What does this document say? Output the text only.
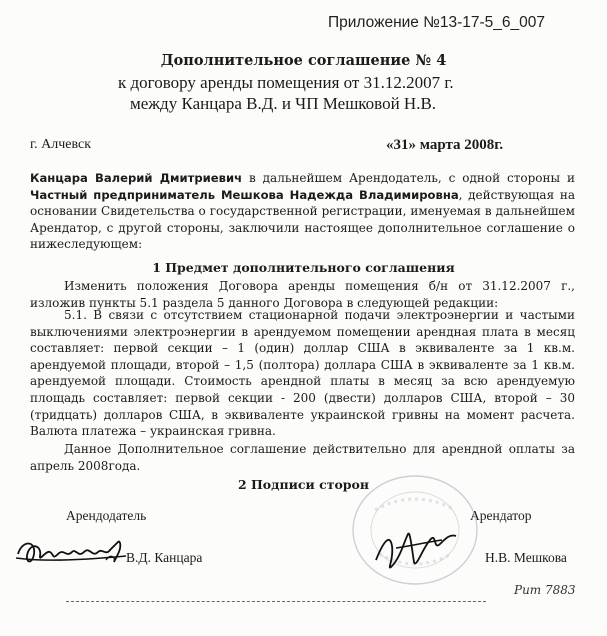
Приложение №13-17-5_6_007
Дополнительное соглашение № 4
к договору аренды помещения от 31.12.2007 г.
между Канцара В.Д. и ЧП Мешковой Н.В.
г. Алчевск	«31» марта 2008г.
Канцара Валерий Дмитриевич в дальнейшем Арендодатель, с одной стороны и Частный предприниматель Мешкова Надежда Владимировна, действующая на основании Свидетельства о государственной регистрации, именуемая в дальнейшем Арендатор, с другой стороны, заключили настоящее дополнительное соглашение о нижеследующем:
1 Предмет дополнительного соглашения
Изменить положения Договора аренды помещения б/н от 31.12.2007 г., изложив пункты 5.1 раздела 5 данного Договора в следующей редакции:
5.1. В связи с отсутствием стационарной подачи электроэнергии и частыми выключениями электроэнергии в арендуемом помещении арендная плата в месяц составляет: первой секции – 1 (один) доллар США в эквиваленте за 1 кв.м. арендуемой площади, второй – 1,5 (полтора) доллара США в эквиваленте за 1 кв.м. арендуемой площади. Стоимость арендной платы в месяц за всю арендуемую площадь составляет: первой секции - 200 (двести) долларов США, второй – 30 (тридцать) долларов США, в эквиваленте украинской гривны на момент расчета. Валюта платежа – украинская гривна.
Данное Дополнительное соглашение действительно для арендной оплаты за апрель 2008года.
2 Подписи сторон
Арендодатель	Арендатор
В.Д. Канцара	Н.В. Мешкова
Рит 7883
